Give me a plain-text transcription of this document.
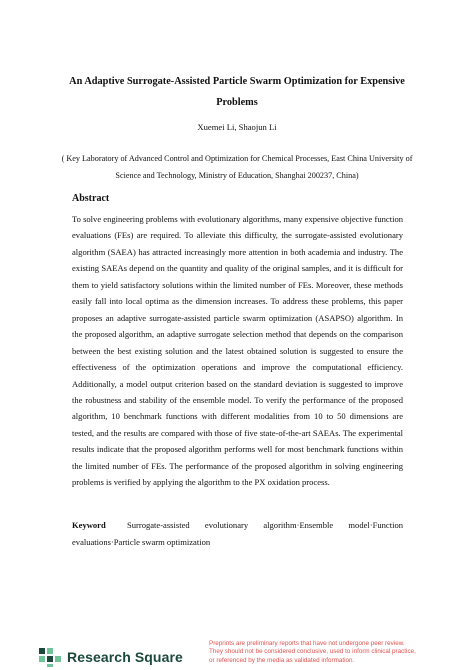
An Adaptive Surrogate-Assisted Particle Swarm Optimization for Expensive Problems
Xuemei Li, Shaojun Li
( Key Laboratory of Advanced Control and Optimization for Chemical Processes, East China University of Science and Technology, Ministry of Education, Shanghai 200237, China)
Abstract
To solve engineering problems with evolutionary algorithms, many expensive objective function evaluations (FEs) are required. To alleviate this difficulty, the surrogate-assisted evolutionary algorithm (SAEA) has attracted increasingly more attention in both academia and industry. The existing SAEAs depend on the quantity and quality of the original samples, and it is difficult for them to yield satisfactory solutions within the limited number of FEs. Moreover, these methods easily fall into local optima as the dimension increases. To address these problems, this paper proposes an adaptive surrogate-assisted particle swarm optimization (ASAPSO) algorithm. In the proposed algorithm, an adaptive surrogate selection method that depends on the comparison between the best existing solution and the latest obtained solution is suggested to ensure the effectiveness of the optimization operations and improve the computational efficiency. Additionally, a model output criterion based on the standard deviation is suggested to improve the robustness and stability of the ensemble model. To verify the performance of the proposed algorithm, 10 benchmark functions with different modalities from 10 to 50 dimensions are tested, and the results are compared with those of five state-of-the-art SAEAs. The experimental results indicate that the proposed algorithm performs well for most benchmark functions within the limited number of FEs. The performance of the proposed algorithm in solving engineering problems is verified by applying the algorithm to the PX oxidation process.
Keyword Surrogate-assisted evolutionary algorithm·Ensemble model·Function evaluations·Particle swarm optimization
Research Square
Preprints are preliminary reports that have not undergone peer review.
They should not be considered conclusive, used to inform clinical practice,
or referenced by the media as validated information.
